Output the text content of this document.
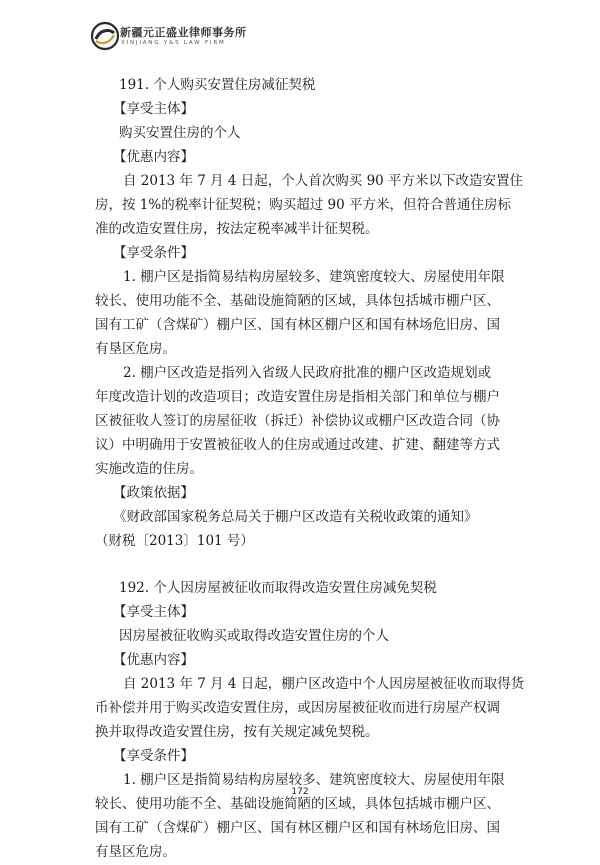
新疆元正盛业律师事务所
XINJIANG Y&S LAW FIRM
191. 个人购买安置住房减征契税
【享受主体】
购买安置住房的个人
【优惠内容】
自 2013 年 7 月 4 日起，个人首次购买 90 平方米以下改造安置住
房，按 1%的税率计征契税；购买超过 90 平方米，但符合普通住房标
准的改造安置住房，按法定税率减半计征契税。
【享受条件】
1. 棚户区是指简易结构房屋较多、建筑密度较大、房屋使用年限
较长、使用功能不全、基础设施简陋的区域，具体包括城市棚户区、
国有工矿（含煤矿）棚户区、国有林区棚户区和国有林场危旧房、国
有垦区危房。
2. 棚户区改造是指列入省级人民政府批准的棚户区改造规划或
年度改造计划的改造项目；改造安置住房是指相关部门和单位与棚户
区被征收人签订的房屋征收（拆迁）补偿协议或棚户区改造合同（协
议）中明确用于安置被征收人的住房或通过改建、扩建、翻建等方式
实施改造的住房。
【政策依据】
《财政部国家税务总局关于棚户区改造有关税收政策的通知》
（财税〔2013〕101 号）
192. 个人因房屋被征收而取得改造安置住房减免契税
【享受主体】
因房屋被征收购买或取得改造安置住房的个人
【优惠内容】
自 2013 年 7 月 4 日起，棚户区改造中个人因房屋被征收而取得货
币补偿并用于购买改造安置住房，或因房屋被征收而进行房屋产权调
换并取得改造安置住房，按有关规定减免契税。
【享受条件】
1. 棚户区是指简易结构房屋较多、建筑密度较大、房屋使用年限
较长、使用功能不全、基础设施简陋的区域，具体包括城市棚户区、
国有工矿（含煤矿）棚户区、国有林区棚户区和国有林场危旧房、国
有垦区危房。
172
